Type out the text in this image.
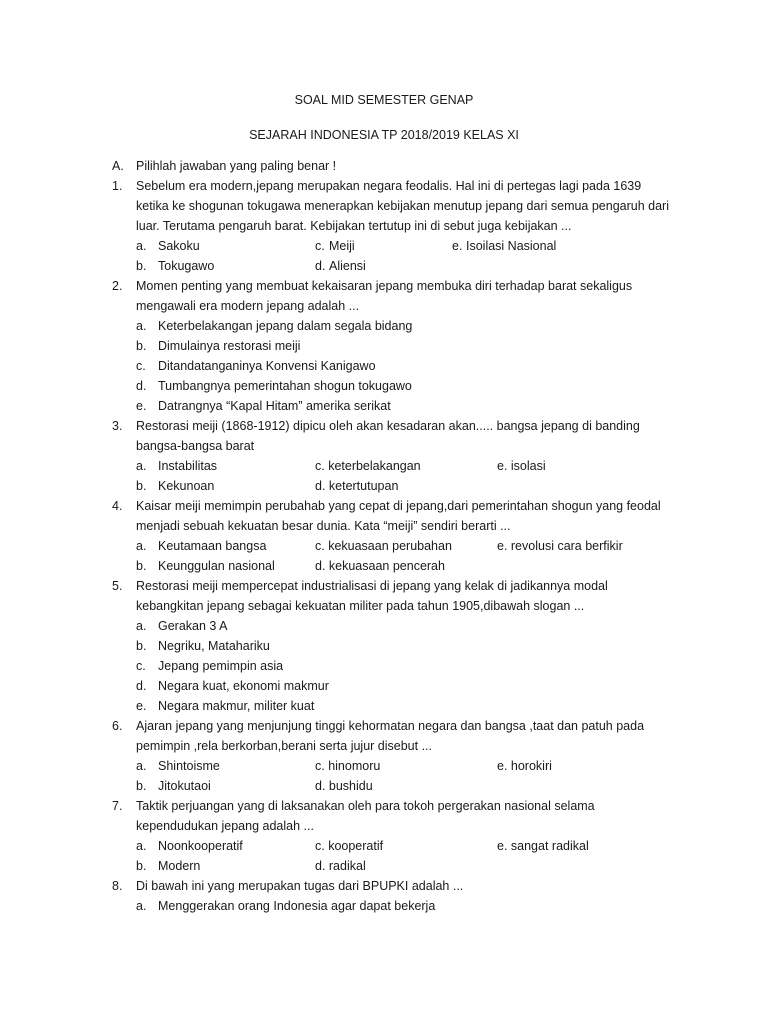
SOAL MID SEMESTER GENAP
SEJARAH INDONESIA TP 2018/2019 KELAS XI
A. Pilihlah jawaban yang paling benar !
1. Sebelum era modern,jepang merupakan negara feodalis. Hal ini di pertegas lagi pada 1639
ketika ke shogunan tokugawa menerapkan kebijakan menutup jepang dari semua pengaruh dari
luar. Terutama pengaruh barat. Kebijakan tertutup ini di sebut juga kebijakan ...
a. Sakoku	c. Meiji	e. Isoilasi Nasional
b. Tokugawo	d. Aliensi
2. Momen penting yang membuat kekaisaran jepang membuka diri terhadap barat sekaligus
mengawali era modern jepang adalah ...
a. Keterbelakangan jepang dalam segala bidang
b. Dimulainya restorasi meiji
c. Ditandatanganinya Konvensi Kanigawo
d. Tumbangnya pemerintahan shogun tokugawo
e. Datrangnya “Kapal Hitam” amerika serikat
3. Restorasi meiji (1868-1912) dipicu oleh akan kesadaran akan..... bangsa jepang di banding
bangsa-bangsa barat
a. Instabilitas	c. keterbelakangan	e. isolasi
b. Kekunoan	d. ketertutupan
4. Kaisar meiji memimpin perubahab yang cepat di jepang,dari pemerintahan shogun yang feodal
menjadi sebuah kekuatan besar dunia. Kata “meiji” sendiri berarti ...
a. Keutamaan bangsa	c. kekuasaan perubahan	e. revolusi cara berfikir
b. Keunggulan nasional	d. kekuasaan pencerah
5. Restorasi meiji mempercepat industrialisasi di jepang yang kelak di jadikannya modal
kebangkitan jepang sebagai kekuatan militer pada tahun 1905,dibawah slogan ...
a. Gerakan 3 A
b. Negriku, Matahariku
c. Jepang pemimpin asia
d. Negara kuat, ekonomi makmur
e. Negara makmur, militer kuat
6. Ajaran jepang yang menjunjung tinggi kehormatan negara dan bangsa ,taat dan patuh pada
pemimpin ,rela berkorban,berani serta jujur disebut ...
a. Shintoisme	c. hinomoru	e. horokiri
b. Jitokutaoi	d. bushidu
7. Taktik perjuangan yang di laksanakan oleh para tokoh pergerakan nasional selama
kependudukan jepang adalah ...
a. Noonkooperatif	c. kooperatif	e. sangat radikal
b. Modern	d. radikal
8. Di bawah ini yang merupakan tugas dari BPUPKI adalah ...
a. Menggerakan orang Indonesia agar dapat bekerja
